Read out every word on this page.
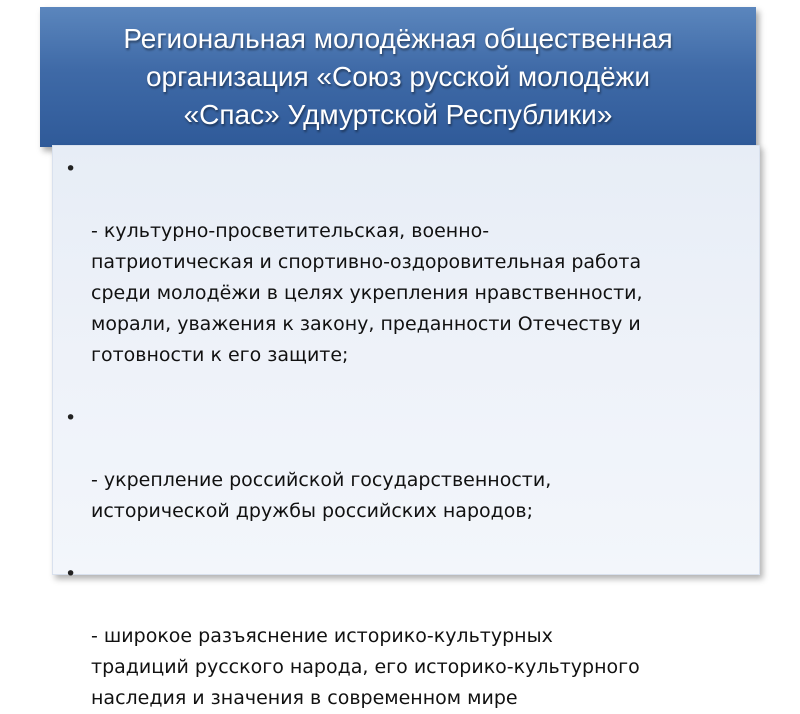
Региональная молодёжная общественная
организация «Союз русской молодёжи
«Спас» Удмуртской Республики»

•

- культурно-просветительская, военно-
патриотическая и спортивно-оздоровительная работа
среди молодёжи в целях укрепления нравственности,
морали, уважения к закону, преданности Отечеству и
готовности к его защите;

•

- укрепление российской государственности,
исторической дружбы российских народов;

•

- широкое разъяснение историко-культурных
традиций русского народа, его историко-культурного
наследия и значения в современном мире
